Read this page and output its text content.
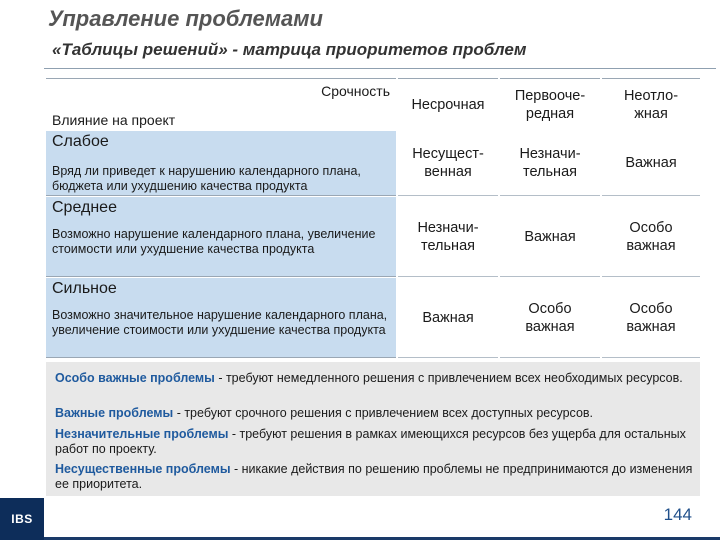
Управление проблемами
«Таблицы решений» - матрица приоритетов проблем
Срочность
Влияние на проект
Несрочная
Первооче-
редная
Неотло-
жная
Слабое
Вряд ли приведет к нарушению календарного плана, бюджета или ухудшению качества продукта
Несущест-
венная
Незначи-
тельная
Важная
Среднее
Возможно нарушение календарного плана, увеличение стоимости или ухудшение качества продукта
Незначи-
тельная
Важная
Особо
важная
Сильное
Возможно значительное нарушение календарного плана, увеличение стоимости или ухудшение качества продукта
Важная
Особо
важная
Особо
важная

Особо важные проблемы - требуют немедленного решения с привлечением всех необходимых ресурсов.

Важные проблемы - требуют срочного решения с привлечением всех доступных ресурсов.

Незначительные проблемы - требуют решения в рамках имеющихся ресурсов без ущерба для остальных работ по проекту.

Несущественные проблемы - никакие действия по решению проблемы не предпринимаются до изменения ее приоритета.

IBS	144
